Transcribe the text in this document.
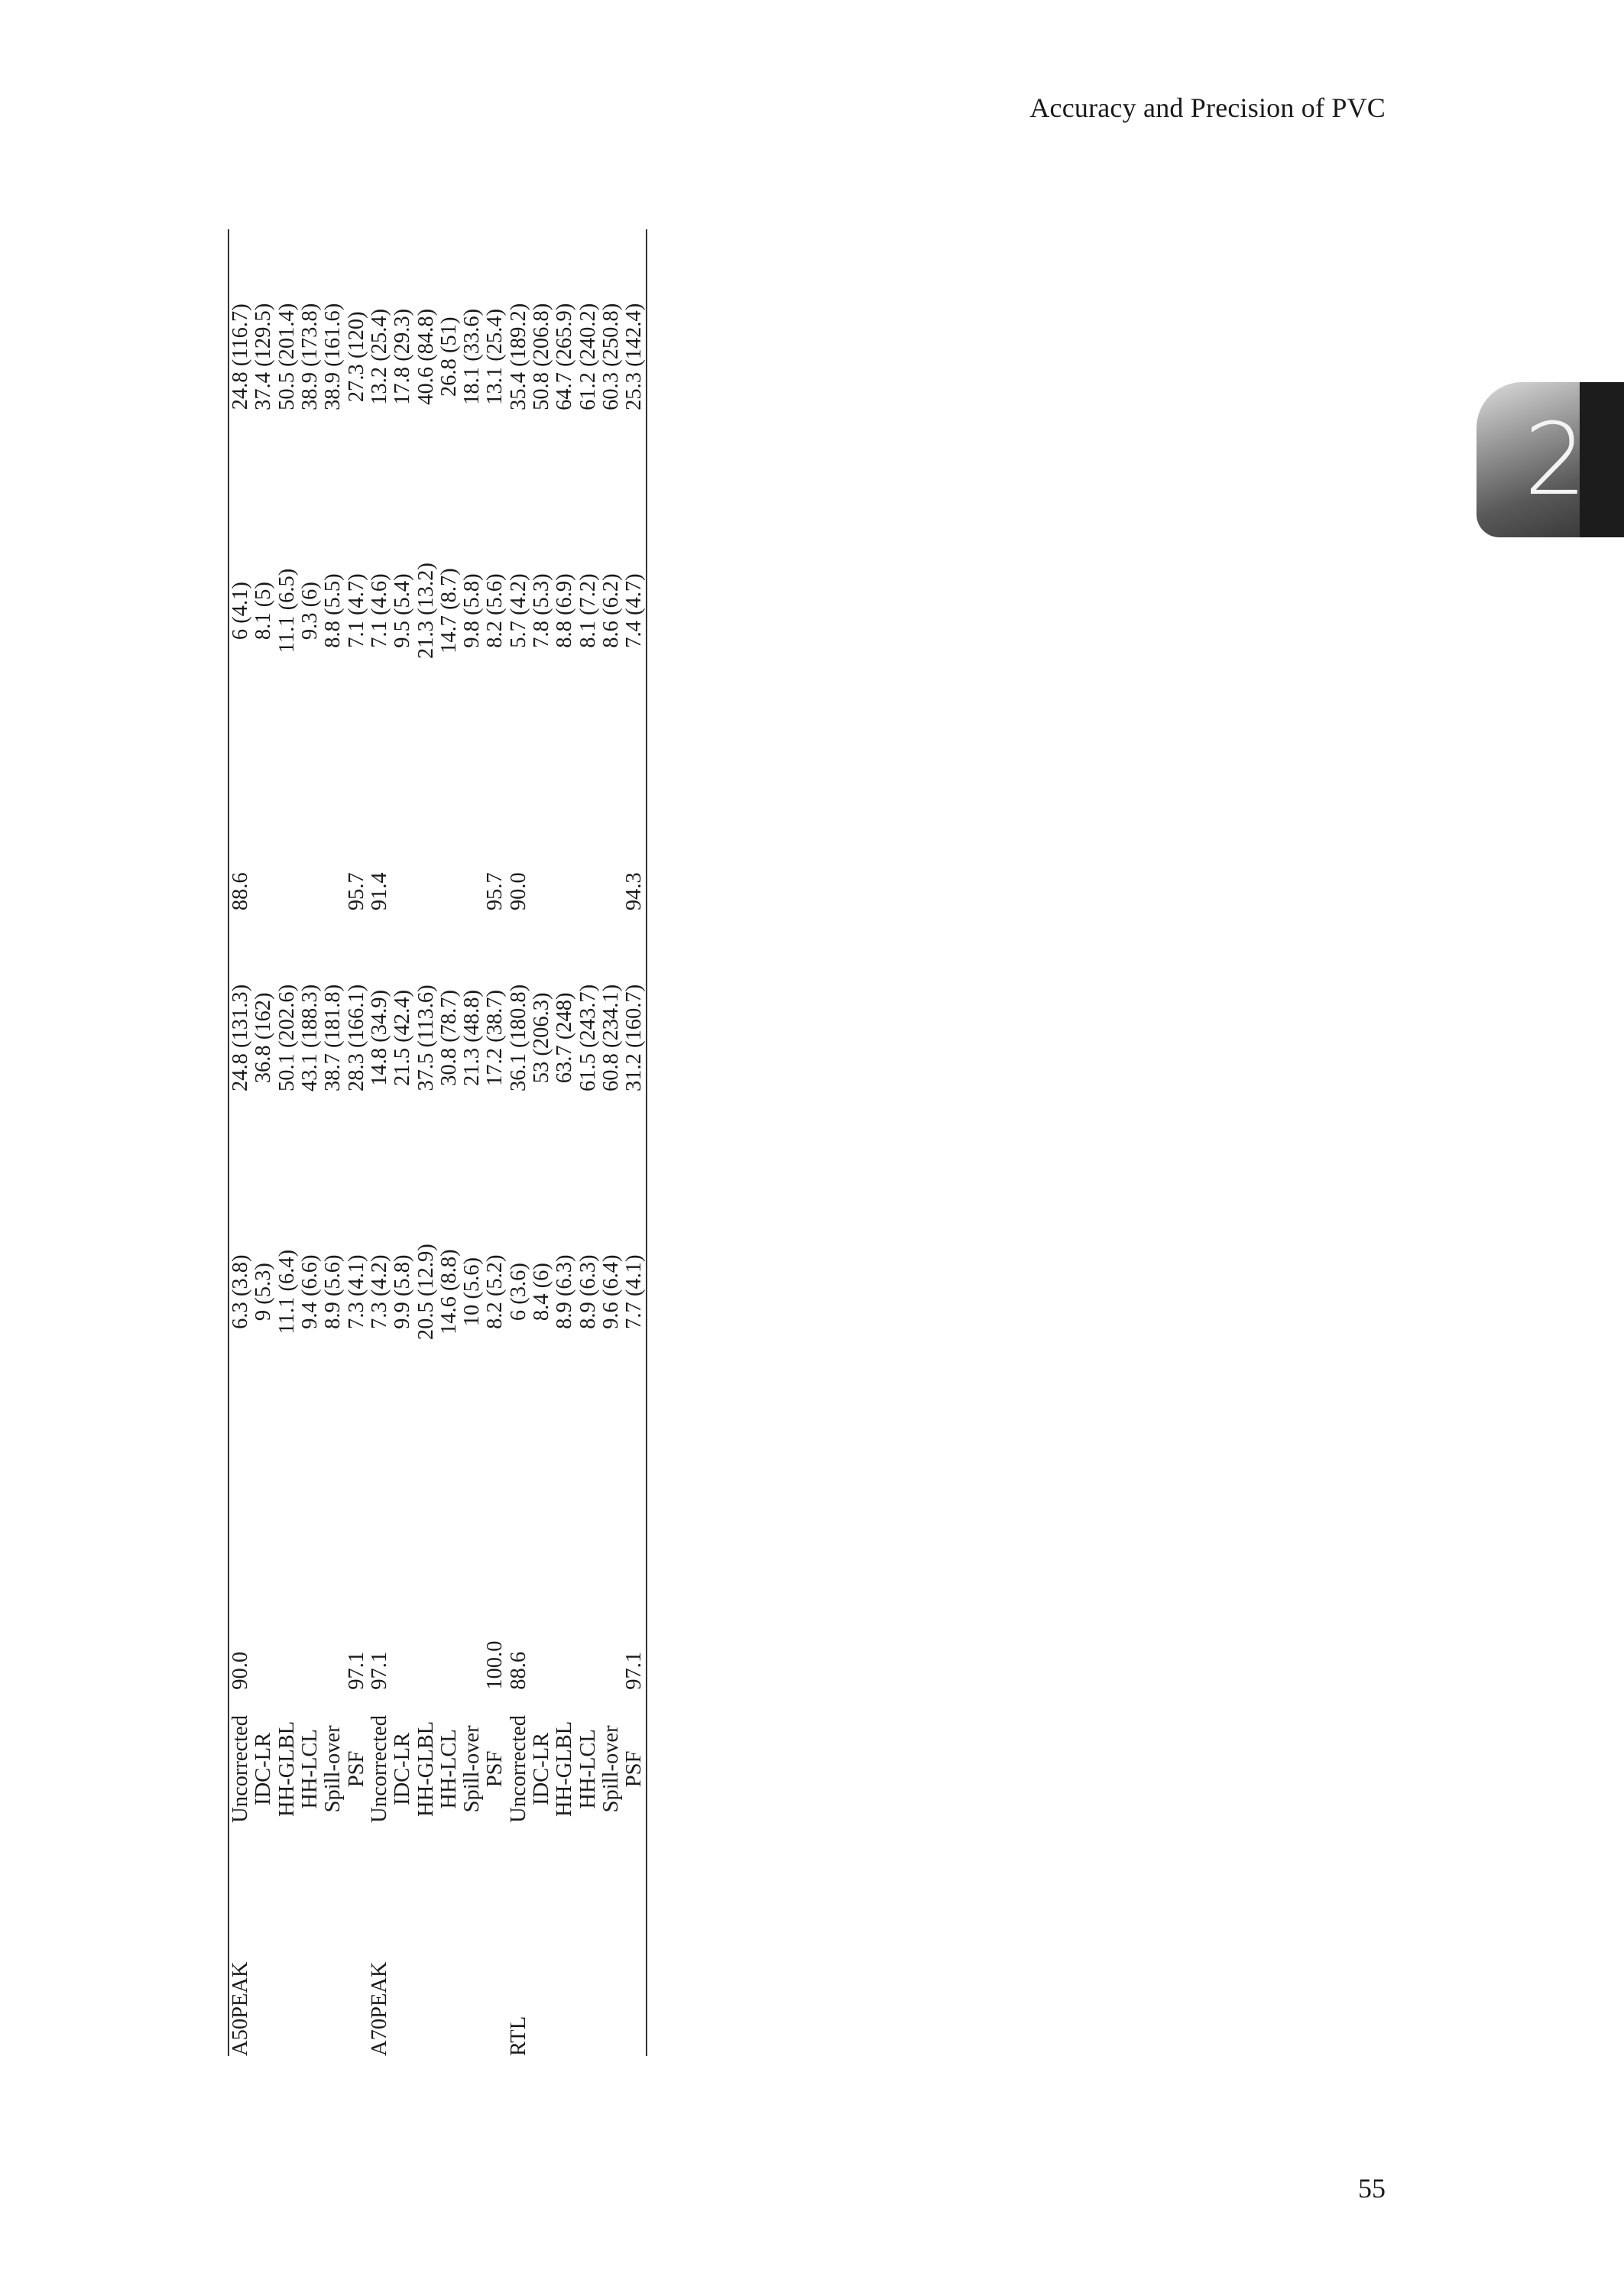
Accuracy and Precision of PVC
2
A50PEAK	Uncorrected	90.0	6.3 (3.8)	24.8 (131.3)	88.6	6 (4.1)	24.8 (116.7)
	IDC-LR		9 (5.3)	36.8 (162)		8.1 (5)	37.4 (129.5)
	HH-GLBL		11.1 (6.4)	50.1 (202.6)		11.1 (6.5)	50.5 (201.4)
	HH-LCL		9.4 (6.6)	43.1 (188.3)		9.3 (6)	38.9 (173.8)
	Spill-over		8.9 (5.6)	38.7 (181.8)		8.8 (5.5)	38.9 (161.6)
	PSF	97.1	7.3 (4.1)	28.3 (166.1)	95.7	7.1 (4.7)	27.3 (120)
A70PEAK	Uncorrected	97.1	7.3 (4.2)	14.8 (34.9)	91.4	7.1 (4.6)	13.2 (25.4)
	IDC-LR		9.9 (5.8)	21.5 (42.4)		9.5 (5.4)	17.8 (29.3)
	HH-GLBL		20.5 (12.9)	37.5 (113.6)		21.3 (13.2)	40.6 (84.8)
	HH-LCL		14.6 (8.8)	30.8 (78.7)		14.7 (8.7)	26.8 (51)
	Spill-over		10 (5.6)	21.3 (48.8)		9.8 (5.8)	18.1 (33.6)
	PSF	100.0	8.2 (5.2)	17.2 (38.7)	95.7	8.2 (5.6)	13.1 (25.4)
RTL	Uncorrected	88.6	6 (3.6)	36.1 (180.8)	90.0	5.7 (4.2)	35.4 (189.2)
	IDC-LR		8.4 (6)	53 (206.3)		7.8 (5.3)	50.8 (206.8)
	HH-GLBL		8.9 (6.3)	63.7 (248)		8.8 (6.9)	64.7 (265.9)
	HH-LCL		8.9 (6.3)	61.5 (243.7)		8.1 (7.2)	61.2 (240.2)
	Spill-over		9.6 (6.4)	60.8 (234.1)		8.6 (6.2)	60.3 (250.8)
	PSF	97.1	7.7 (4.1)	31.2 (160.7)	94.3	7.4 (4.7)	25.3 (142.4)
55
